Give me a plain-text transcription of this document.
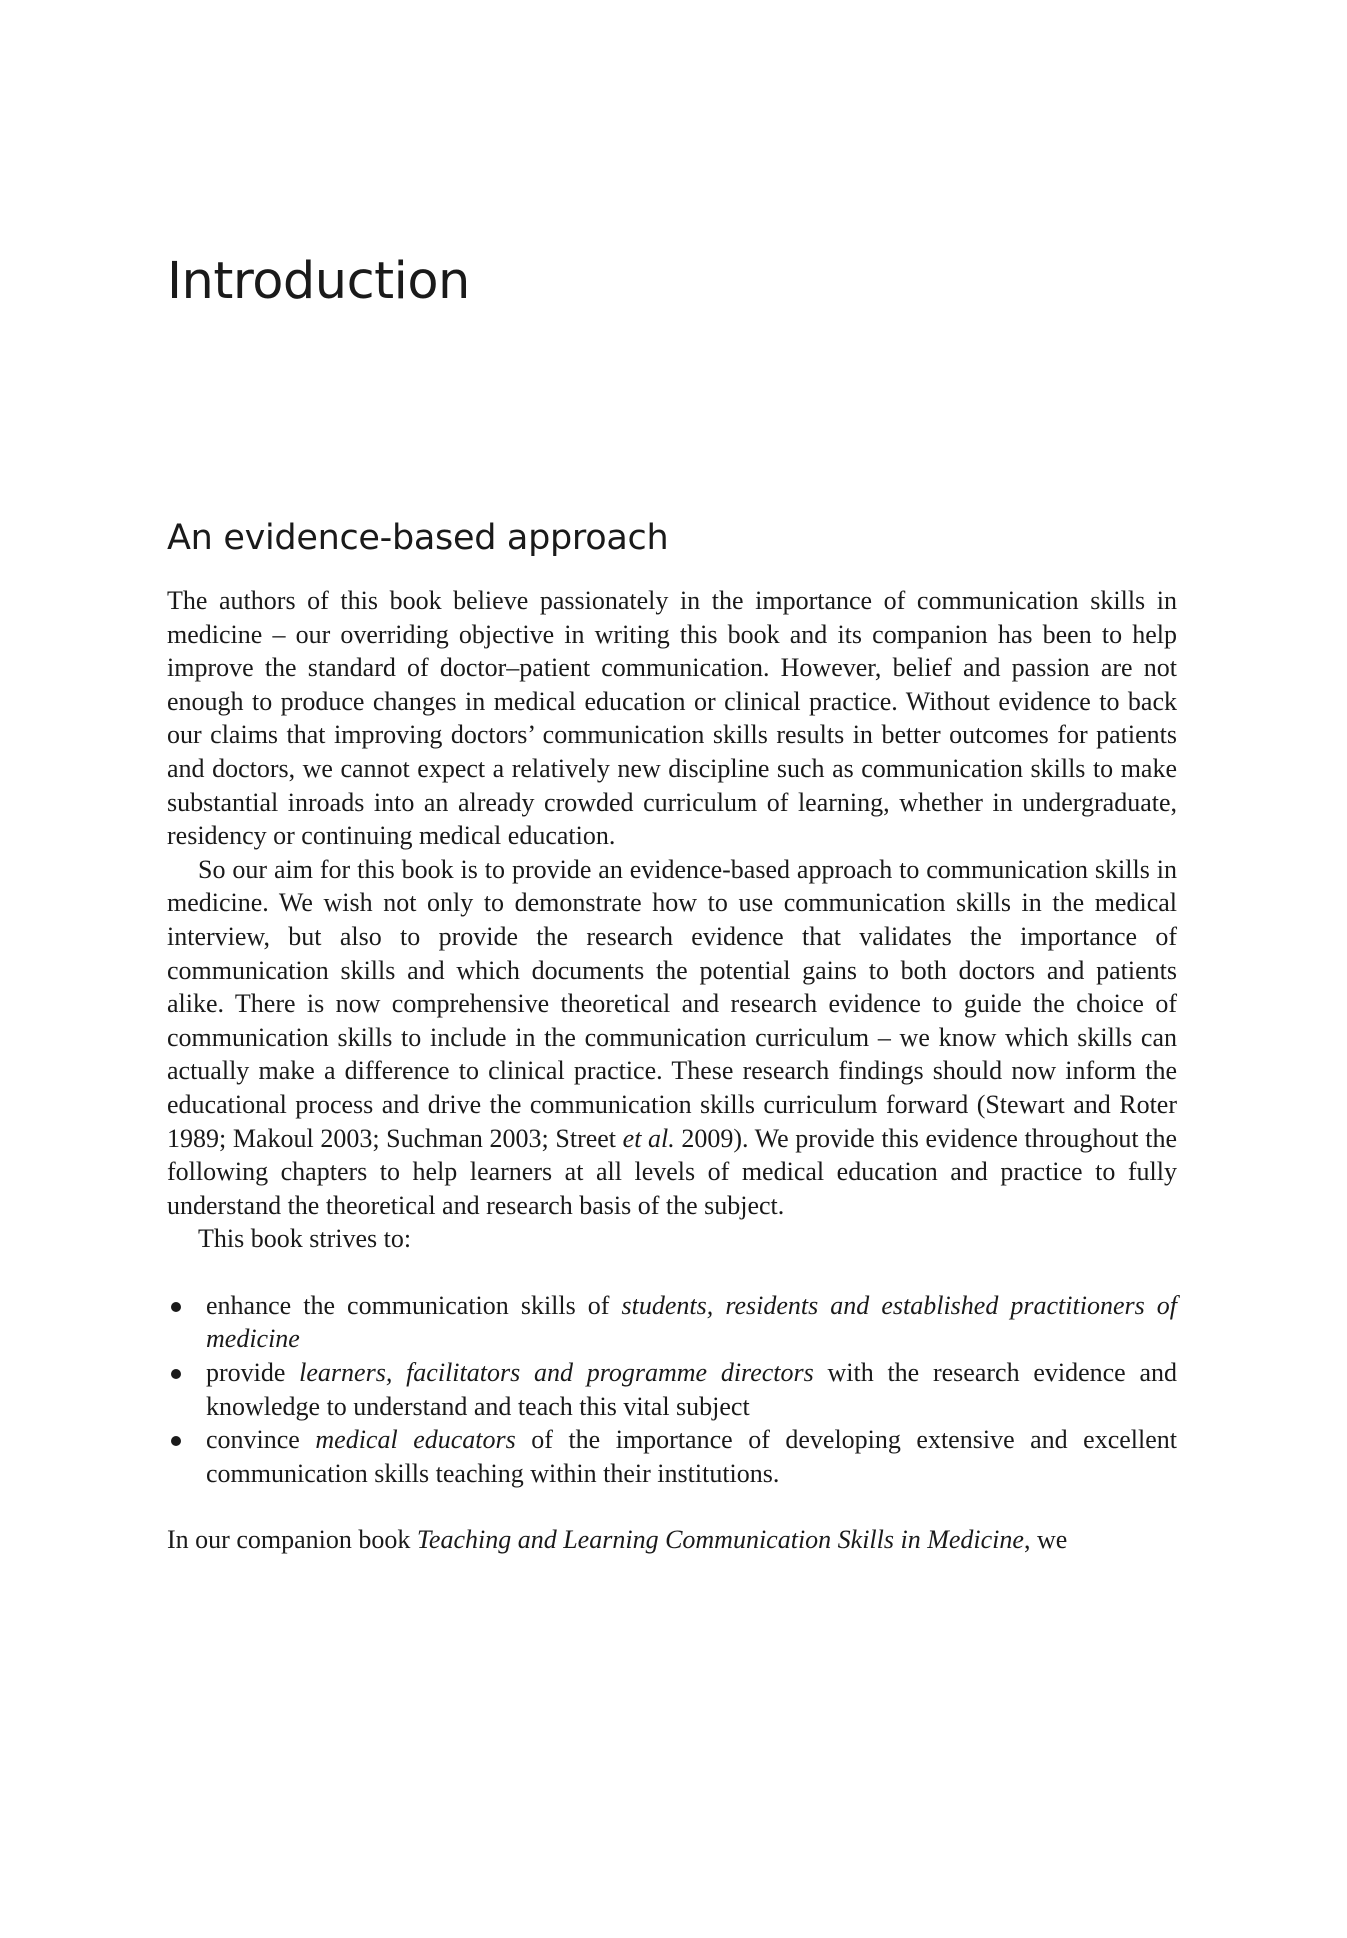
Introduction
An evidence-based approach

The authors of this book believe passionately in the importance of communication skills in medicine – our overriding objective in writing this book and its companion has been to help improve the standard of doctor–patient communication. However, belief and passion are not enough to produce changes in medical education or clinical practice. Without evidence to back our claims that improving doctors’ communication skills results in better outcomes for patients and doctors, we cannot expect a relatively new discipline such as communication skills to make substantial inroads into an already crowded curriculum of learning, whether in undergraduate, residency or continuing medical education.

So our aim for this book is to provide an evidence-based approach to communication skills in medicine. We wish not only to demonstrate how to use communication skills in the medical interview, but also to provide the research evidence that validates the importance of communication skills and which documents the potential gains to both doctors and patients alike. There is now comprehensive theoretical and research evidence to guide the choice of communication skills to include in the communication curriculum – we know which skills can actually make a difference to clinical practice. These research findings should now inform the educational process and drive the communication skills curriculum forward (Stewart and Roter 1989; Makoul 2003; Suchman 2003; Street et al. 2009). We provide this evidence throughout the following chapters to help learners at all levels of medical education and practice to fully understand the theoretical and research basis of the subject.

This book strives to:

enhance the communication skills of students, residents and established practitioners of medicine
provide learners, facilitators and programme directors with the research evidence and knowledge to understand and teach this vital subject
convince medical educators of the importance of developing extensive and excellent communication skills teaching within their institutions.

In our companion book Teaching and Learning Communication Skills in Medicine, we
